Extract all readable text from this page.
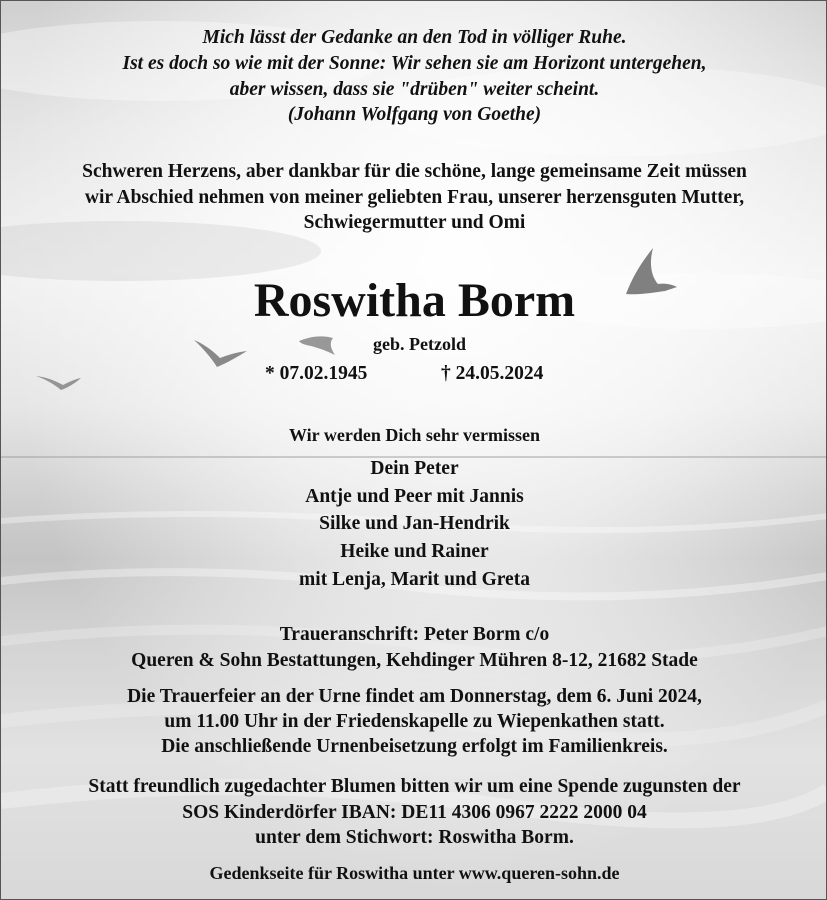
Mich lässt der Gedanke an den Tod in völliger Ruhe.
Ist es doch so wie mit der Sonne: Wir sehen sie am Horizont untergehen,
aber wissen, dass sie "drüben" weiter scheint.
(Johann Wolfgang von Goethe)
Schweren Herzens, aber dankbar für die schöne, lange gemeinsame Zeit müssen
wir Abschied nehmen von meiner geliebten Frau, unserer herzensguten Mutter,
Schwiegermutter und Omi
Roswitha Borm
geb. Petzold
* 07.02.1945	† 24.05.2024
Wir werden Dich sehr vermissen
Dein Peter
Antje und Peer mit Jannis
Silke und Jan-Hendrik
Heike und Rainer
mit Lenja, Marit und Greta
Traueranschrift: Peter Borm c/o
Queren & Sohn Bestattungen, Kehdinger Mühren 8-12, 21682 Stade
Die Trauerfeier an der Urne findet am Donnerstag, dem 6. Juni 2024,
um 11.00 Uhr in der Friedenskapelle zu Wiepenkathen statt.
Die anschließende Urnenbeisetzung erfolgt im Familienkreis.
Statt freundlich zugedachter Blumen bitten wir um eine Spende zugunsten der
SOS Kinderdörfer IBAN: DE11 4306 0967 2222 2000 04
unter dem Stichwort: Roswitha Borm.
Gedenkseite für Roswitha unter www.queren-sohn.de
